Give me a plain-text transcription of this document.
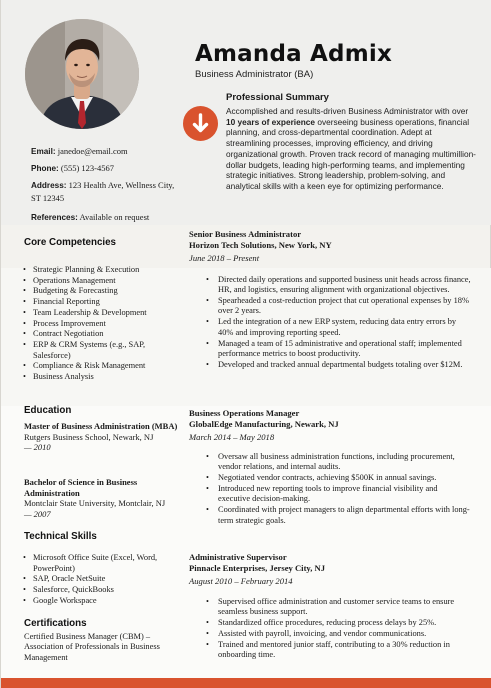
Amanda Admix
Business Administrator (BA)
Professional Summary
Accomplished and results-driven Business Administrator with over 10 years of experience overseeing business operations, financial planning, and cross-departmental coordination. Adept at streamlining processes, improving efficiency, and driving organizational growth. Proven track record of managing multimillion-dollar budgets, leading high-performing teams, and implementing strategic initiatives. Strong leadership, problem-solving, and analytical skills with a keen eye for optimizing performance.
Email: janedoe@email.com
Phone: (555) 123-4567
Address: 123 Health Ave, Wellness City, ST 12345
References: Available on request
Core Competencies
• Strategic Planning & Execution
• Operations Management
• Budgeting & Forecasting
• Financial Reporting
• Team Leadership & Development
• Process Improvement
• Contract Negotiation
• ERP & CRM Systems (e.g., SAP, Salesforce)
• Compliance & Risk Management
• Business Analysis
Education
Master of Business Administration (MBA)
Rutgers Business School, Newark, NJ
— 2010
Bachelor of Science in Business Administration
Montclair State University, Montclair, NJ
— 2007
Technical Skills
• Microsoft Office Suite (Excel, Word, PowerPoint)
• SAP, Oracle NetSuite
• Salesforce, QuickBooks
• Google Workspace
Certifications
Certified Business Manager (CBM) – Association of Professionals in Business Management
Senior Business Administrator
Horizon Tech Solutions, New York, NY
June 2018 – Present
• Directed daily operations and supported business unit heads across finance, HR, and logistics, ensuring alignment with organizational objectives.
• Spearheaded a cost-reduction project that cut operational expenses by 18% over 2 years.
• Led the integration of a new ERP system, reducing data entry errors by 40% and improving reporting speed.
• Managed a team of 15 administrative and operational staff; implemented performance metrics to boost productivity.
• Developed and tracked annual departmental budgets totaling over $12M.
Business Operations Manager
GlobalEdge Manufacturing, Newark, NJ
March 2014 – May 2018
• Oversaw all business administration functions, including procurement, vendor relations, and internal audits.
• Negotiated vendor contracts, achieving $500K in annual savings.
• Introduced new reporting tools to improve financial visibility and executive decision-making.
• Coordinated with project managers to align departmental efforts with long-term strategic goals.
Administrative Supervisor
Pinnacle Enterprises, Jersey City, NJ
August 2010 – February 2014
• Supervised office administration and customer service teams to ensure seamless business support.
• Standardized office procedures, reducing process delays by 25%.
• Assisted with payroll, invoicing, and vendor communications.
• Trained and mentored junior staff, contributing to a 30% reduction in onboarding time.
